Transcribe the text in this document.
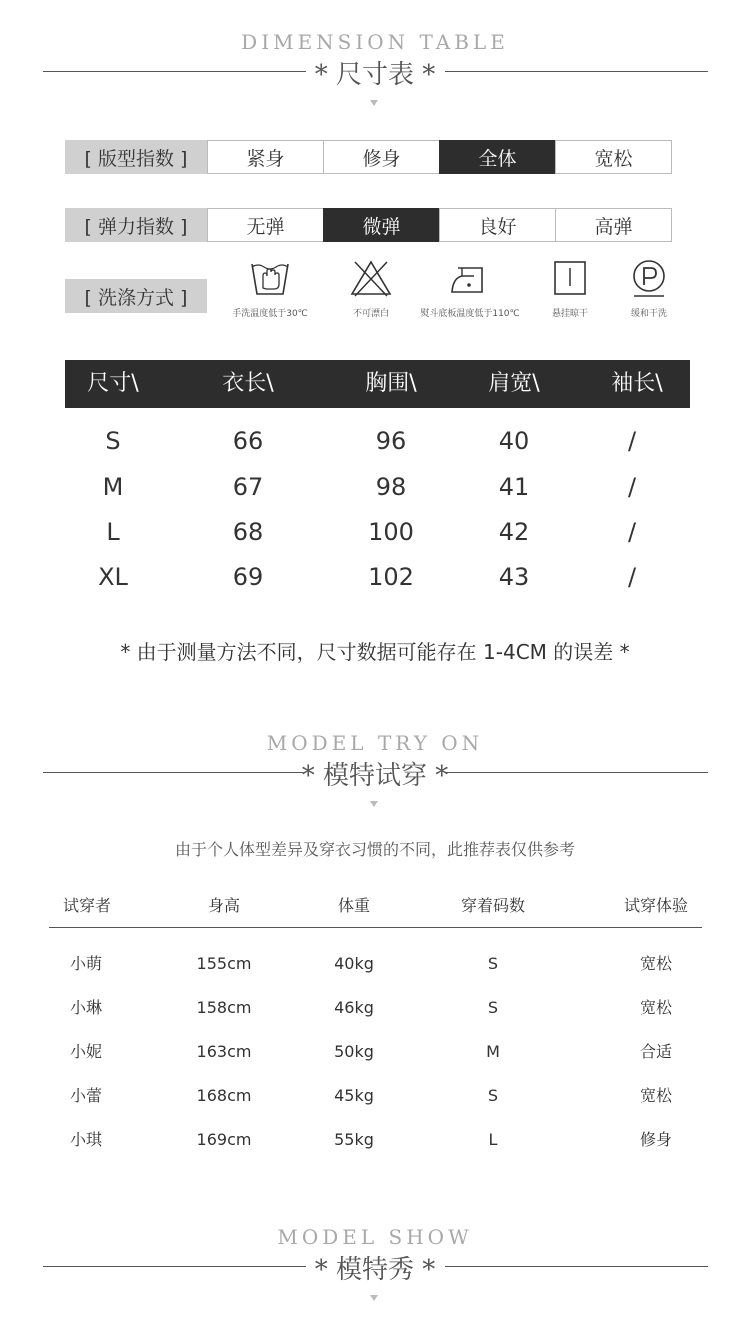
DIMENSION TABLE
* 尺寸表 *
[ 版型指数 ]	紧身	修身	全体	宽松
[ 弹力指数 ]	无弹	微弹	良好	高弹
[ 洗涤方式 ]
手洗温度低于30℃	不可漂白	熨斗底板温度低于110℃	悬挂晾干	缓和干洗
尺寸\	衣长\	胸围\	肩宽\	袖长\
S	66	96	40	/
M	67	98	41	/
L	68	100	42	/
XL	69	102	43	/
* 由于测量方法不同，尺寸数据可能存在 1-4CM 的误差 *
MODEL TRY ON
* 模特试穿 *
由于个人体型差异及穿衣习惯的不同，此推荐表仅供参考
试穿者	身高	体重	穿着码数	试穿体验
小萌	155cm	40kg	S	宽松
小琳	158cm	46kg	S	宽松
小妮	163cm	50kg	M	合适
小蕾	168cm	45kg	S	宽松
小琪	169cm	55kg	L	修身
MODEL SHOW
* 模特秀 *
